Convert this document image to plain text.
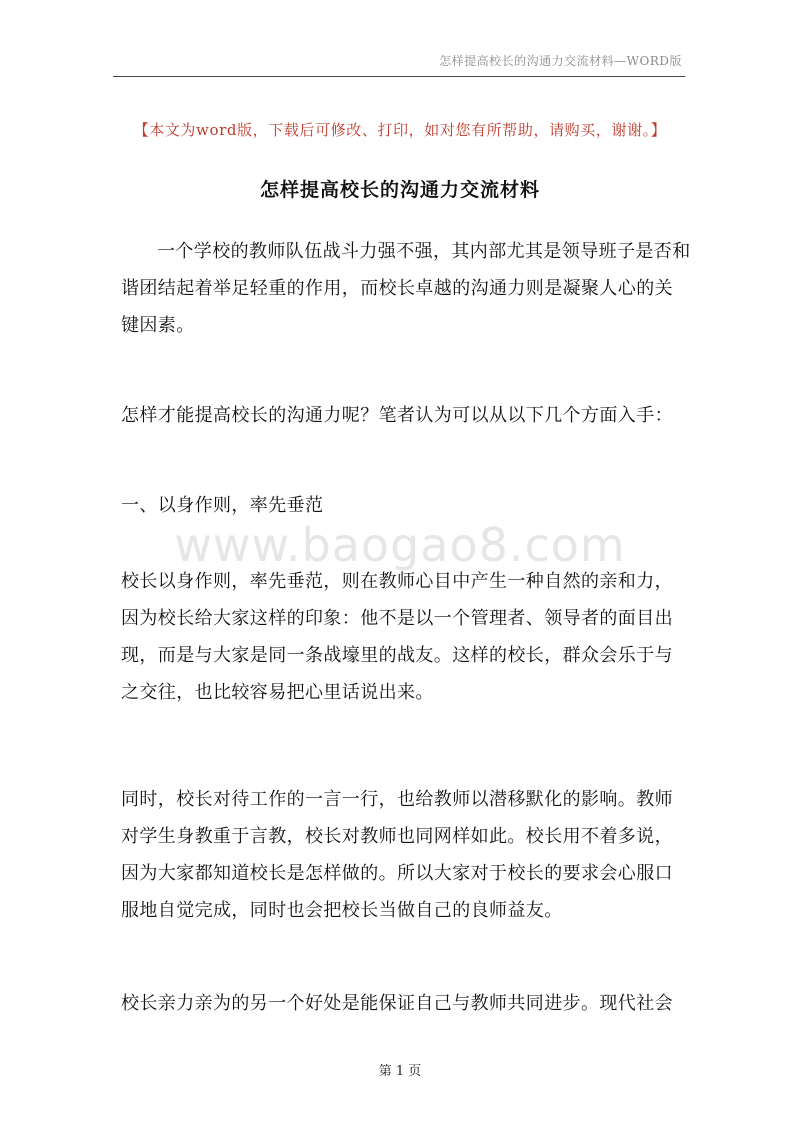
怎样提高校长的沟通力交流材料—WORD版
【本文为word版，下载后可修改、打印，如对您有所帮助，请购买，谢谢。】
怎样提高校长的沟通力交流材料

一个学校的教师队伍战斗力强不强，其内部尤其是领导班子是否和谐团结起着举足轻重的作用，而校长卓越的沟通力则是凝聚人心的关键因素。

怎样才能提高校长的沟通力呢？笔者认为可以从以下几个方面入手：

一、以身作则，率先垂范

www.baogao8.com

校长以身作则，率先垂范，则在教师心目中产生一种自然的亲和力，因为校长给大家这样的印象：他不是以一个管理者、领导者的面目出现，而是与大家是同一条战壕里的战友。这样的校长，群众会乐于与之交往，也比较容易把心里话说出来。

同时，校长对待工作的一言一行，也给教师以潜移默化的影响。教师对学生身教重于言教，校长对教师也同网样如此。校长用不着多说，因为大家都知道校长是怎样做的。所以大家对于校长的要求会心服口服地自觉完成，同时也会把校长当做自己的良师益友。

校长亲力亲为的另一个好处是能保证自己与教师共同进步。现代社会

第 1 页
